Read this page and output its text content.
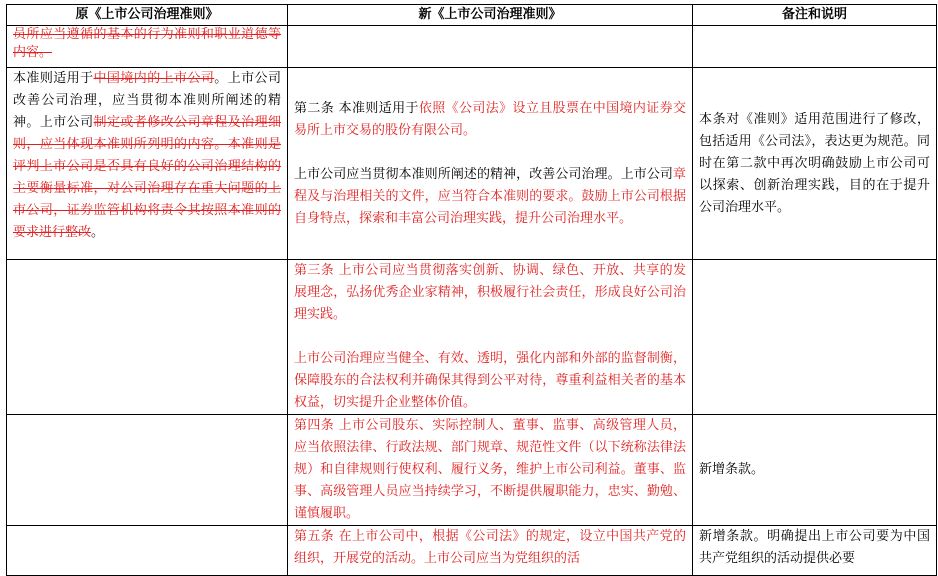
原《上市公司治理准则》	新《上市公司治理准则》	备注和说明

员所应当遵循的基本的行为准则和职业道德等内容。		

本准则适用于中国境内的上市公司。上市公司改善公司治理，应当贯彻本准则所阐述的精神。上市公司制定或者修改公司章程及治理细则，应当体现本准则所列明的内容。本准则是评判上市公司是否具有良好的公司治理结构的主要衡量标准，对公司治理存在重大问题的上市公司，证券监管机构将责令其按照本准则的要求进行整改。	第二条 本准则适用于依照《公司法》设立且股票在中国境内证券交易所上市交易的股份有限公司。

上市公司应当贯彻本准则所阐述的精神，改善公司治理。上市公司章程及与治理相关的文件，应当符合本准则的要求。鼓励上市公司根据自身特点，探索和丰富公司治理实践，提升公司治理水平。	本条对《准则》适用范围进行了修改，包括适用《公司法》，表达更为规范。同时在第二款中再次明确鼓励上市公司可以探索、创新治理实践，目的在于提升公司治理水平。

	第三条 上市公司应当贯彻落实创新、协调、绿色、开放、共享的发展理念，弘扬优秀企业家精神，积极履行社会责任，形成良好公司治理实践。

上市公司治理应当健全、有效、透明，强化内部和外部的监督制衡，保障股东的合法权利并确保其得到公平对待，尊重利益相关者的基本权益，切实提升企业整体价值。	

	第四条 上市公司股东、实际控制人、董事、监事、高级管理人员，应当依照法律、行政法规、部门规章、规范性文件（以下统称法律法规）和自律规则行使权利、履行义务，维护上市公司利益。董事、监事、高级管理人员应当持续学习，不断提供履职能力，忠实、勤勉、谨慎履职。	新增条款。

	第五条 在上市公司中，根据《公司法》的规定，设立中国共产党的组织，开展党的活动。上市公司应当为党组织的活	新增条款。明确提出上市公司要为中国共产党组织的活动提供必要
